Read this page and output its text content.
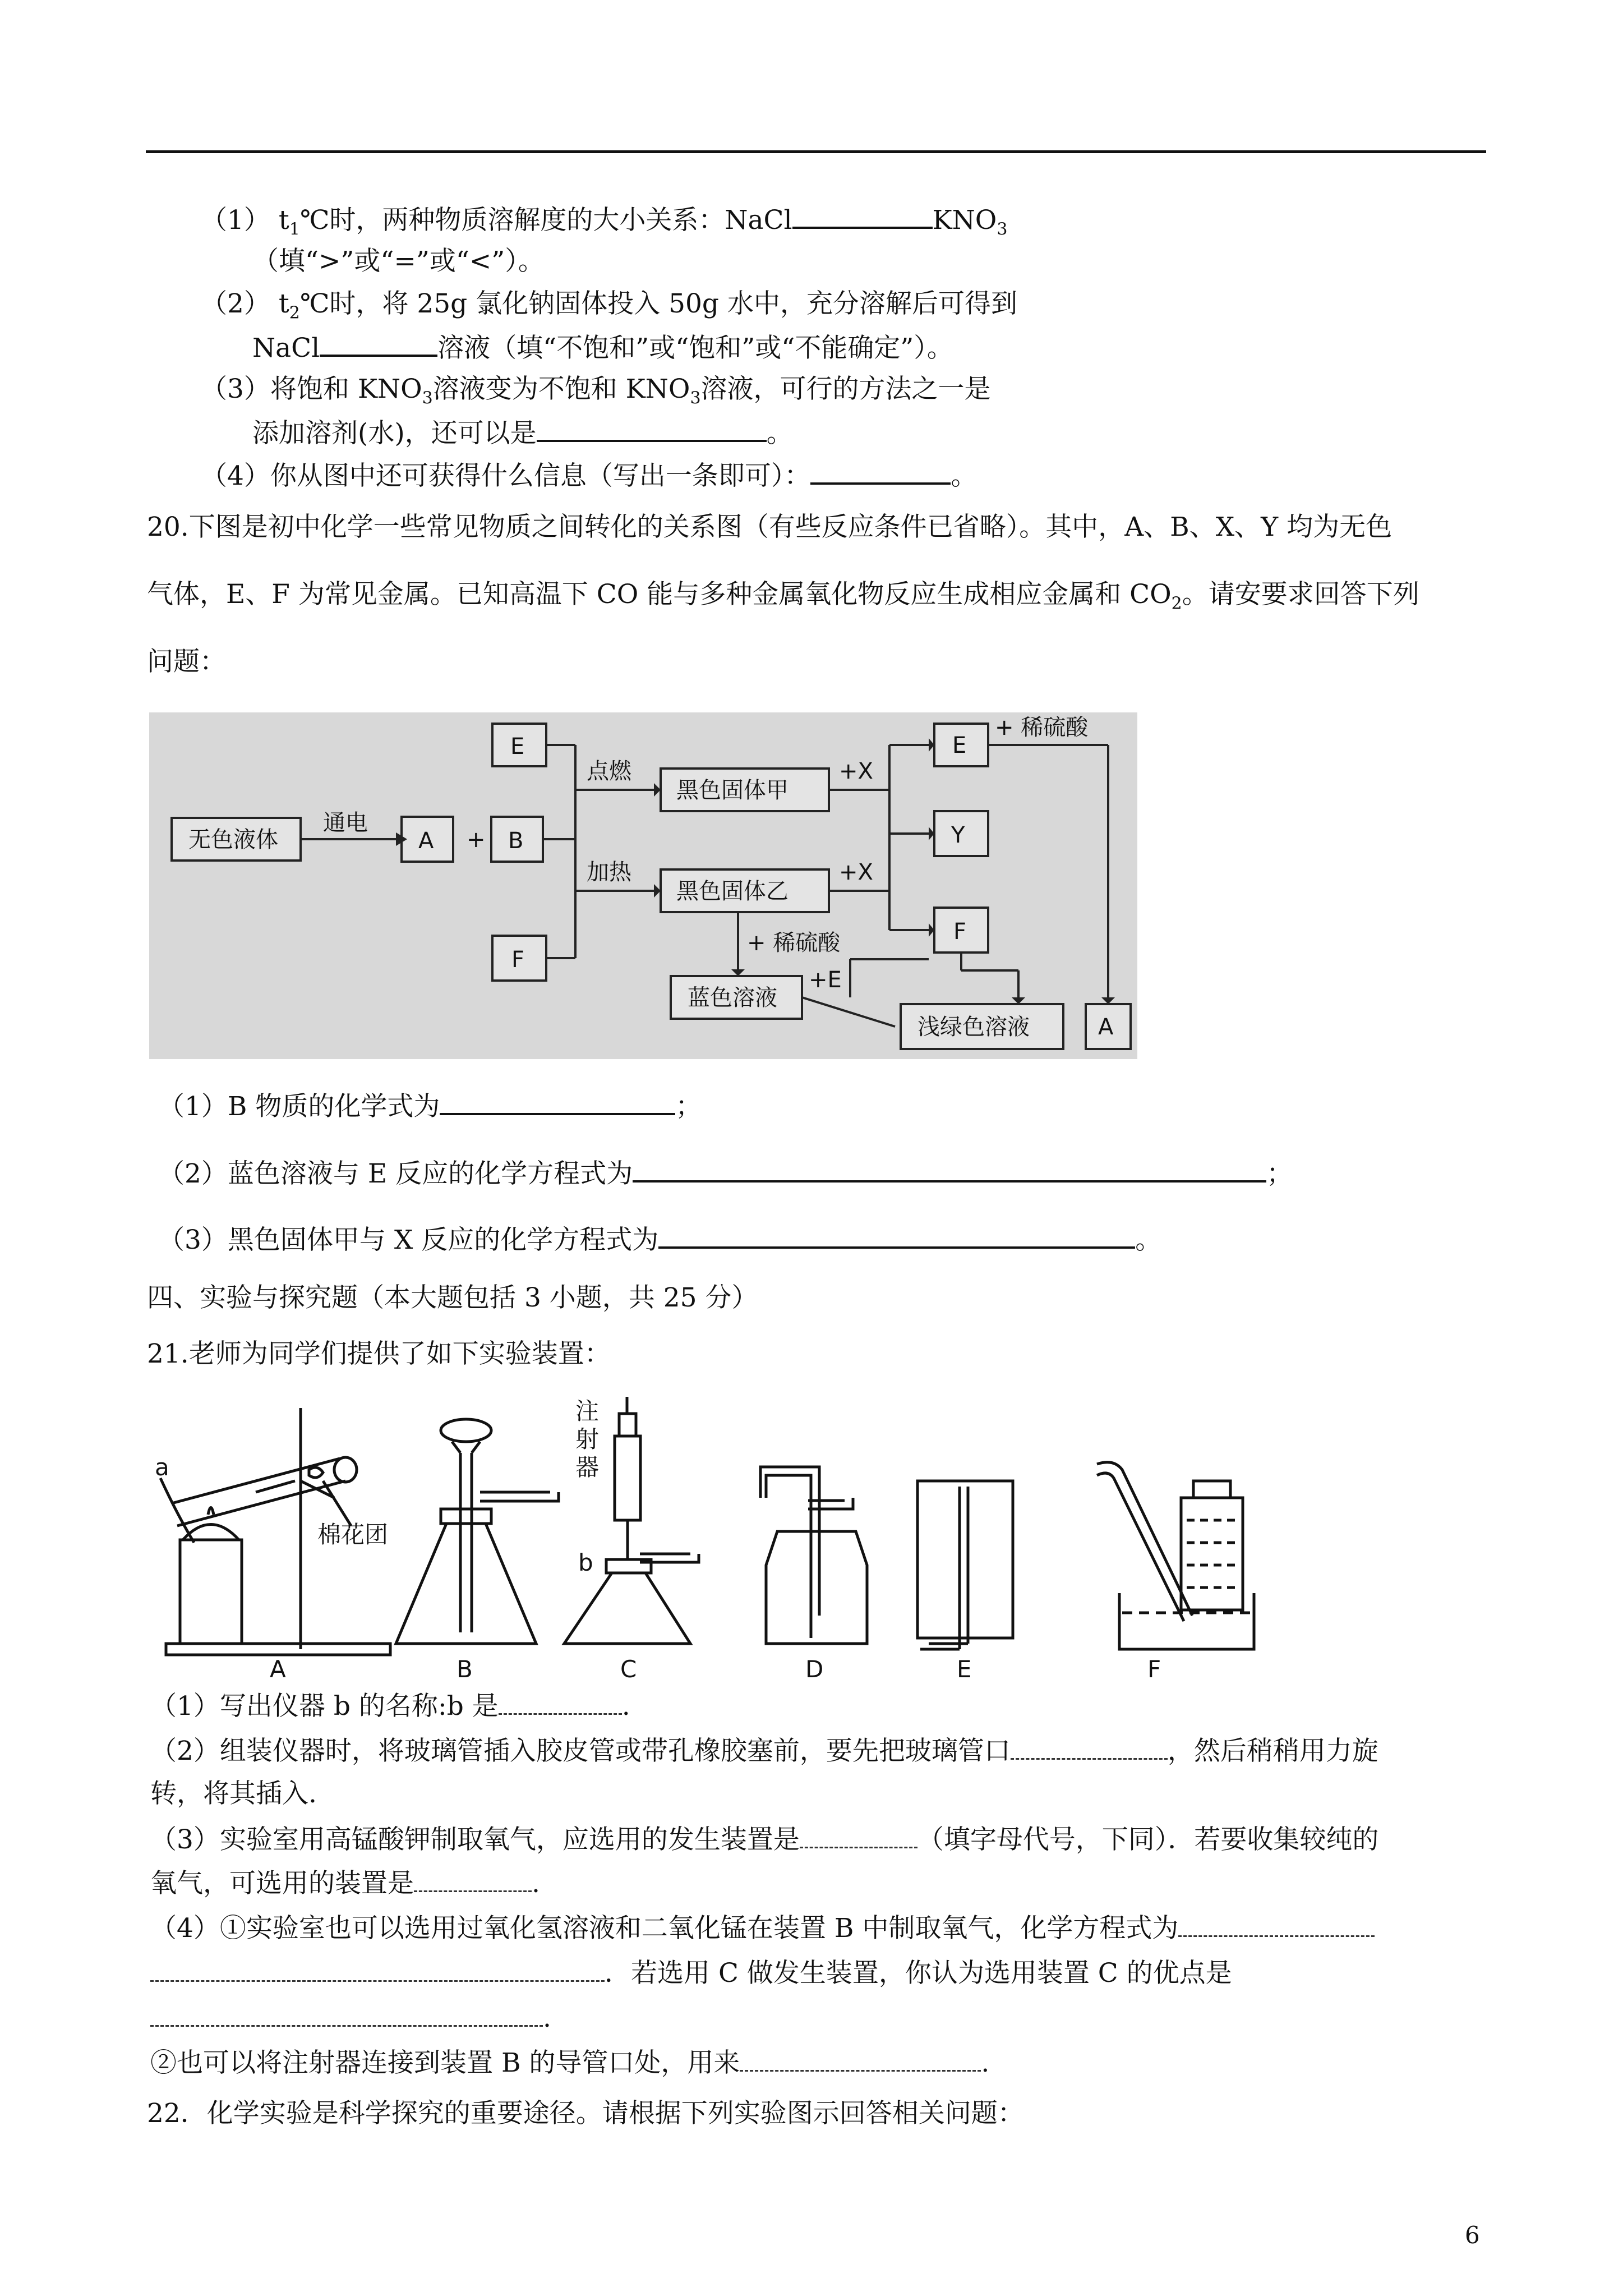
（1） $t_1℃$时，两种物质溶解度的大小关系：NaCl	$KNO_3$
（填“>”或“=”或“<”）。
（2） $t_2℃$时，将 25g 氯化钠固体投入 50g 水中，充分溶解后可得到
NaCl	溶液（填“不饱和”或“饱和”或“不能确定”）。
（3）将饱和 $KNO_3$溶液变为不饱和 $KNO_3$溶液，可行的方法之一是
添加溶剂(水)，还可以是	。
（4）你从图中还可获得什么信息（写出一条即可）：	。
20.下图是初中化学一些常见物质之间转化的关系图（有些反应条件已省略）。其中，A、B、X、Y 均为无色
气体，E、F 为常见金属。已知高温下 CO 能与多种金属氧化物反应生成相应金属和 $CO_2$。请安要求回答下列
问题：
无色液体
通电
A + B
E
F
点燃
加热
黑色固体甲
黑色固体乙
+X
+X
E
Y
F
+ 稀硫酸
+ 稀硫酸
蓝色溶液
+E
浅绿色溶液	A
（1）B 物质的化学式为	；
（2）蓝色溶液与 E 反应的化学方程式为	；
（3）黑色固体甲与 X 反应的化学方程式为	。
四、实验与探究题（本大题包括 3 小题，共 25 分）
21.老师为同学们提供了如下实验装置：
a
棉花团
注
射
器
b
A	B	C	D	E	F
（1）写出仪器 b 的名称:b 是	.
（2）组装仪器时，将玻璃管插入胶皮管或带孔橡胶塞前，要先把玻璃管口	，然后稍稍用力旋
转，将其插入.
（3）实验室用高锰酸钾制取氧气，应选用的发生装置是	（填字母代号，下同）．若要收集较纯的
氧气，可选用的装置是	.
（4）①实验室也可以选用过氧化氢溶液和二氧化锰在装置 B 中制取氧气，化学方程式为
．若选用 C 做发生装置，你认为选用装置 C 的优点是
.
②也可以将注射器连接到装置 B 的导管口处，用来	.
22．化学实验是科学探究的重要途径。请根据下列实验图示回答相关问题：
6
